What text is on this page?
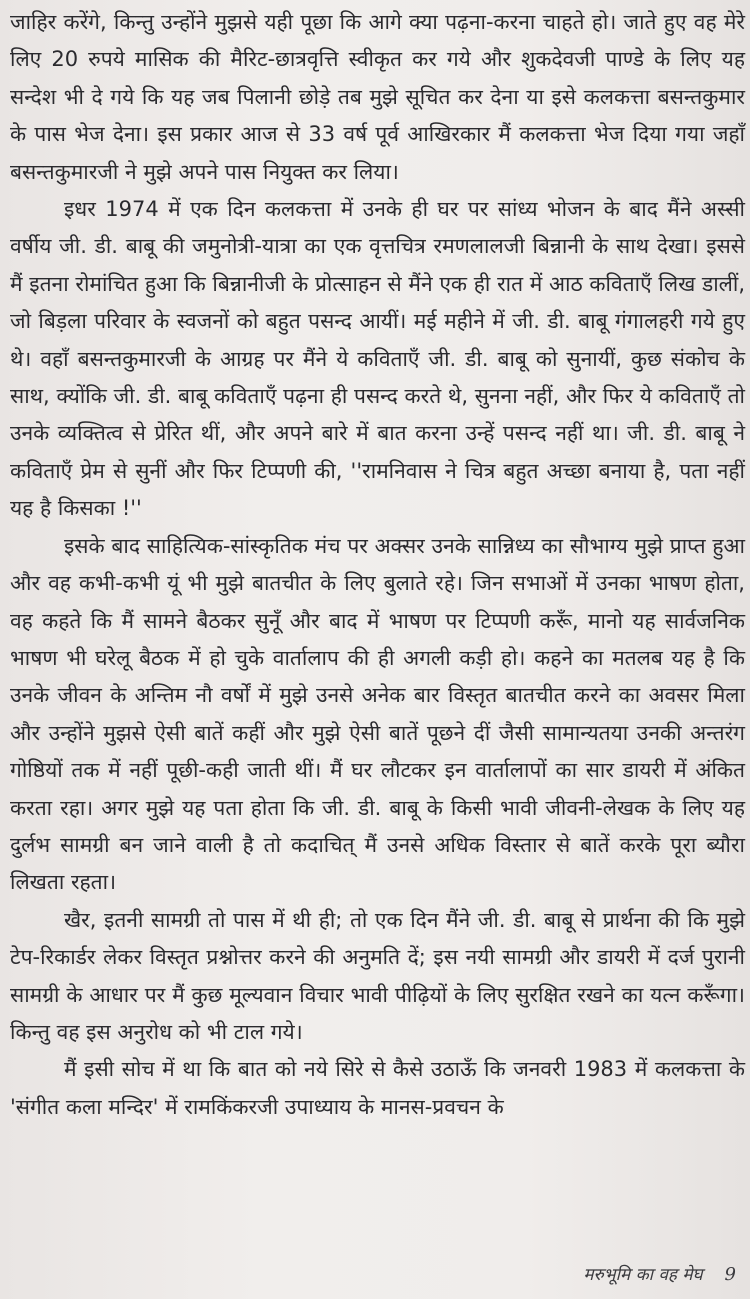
जाहिर करेंगे, किन्तु उन्होंने मुझसे यही पूछा कि आगे क्या पढ़ना-करना चाहते हो। जाते हुए वह मेरे लिए 20 रुपये मासिक की मैरिट-छात्रवृत्ति स्वीकृत कर गये और शुकदेवजी पाण्डे के लिए यह सन्देश भी दे गये कि यह जब पिलानी छोड़े तब मुझे सूचित कर देना या इसे कलकत्ता बसन्तकुमार के पास भेज देना। इस प्रकार आज से 33 वर्ष पूर्व आखिरकार मैं कलकत्ता भेज दिया गया जहाँ बसन्तकुमारजी ने मुझे अपने पास नियुक्त कर लिया।

इधर 1974 में एक दिन कलकत्ता में उनके ही घर पर सांध्य भोजन के बाद मैंने अस्सी वर्षीय जी. डी. बाबू की जमुनोत्री-यात्रा का एक वृत्तचित्र रमणलालजी बिन्नानी के साथ देखा। इससे मैं इतना रोमांचित हुआ कि बिन्नानीजी के प्रोत्साहन से मैंने एक ही रात में आठ कविताएँ लिख डालीं, जो बिड़ला परिवार के स्वजनों को बहुत पसन्द आयीं। मई महीने में जी. डी. बाबू गंगालहरी गये हुए थे। वहाँ बसन्तकुमारजी के आग्रह पर मैंने ये कविताएँ जी. डी. बाबू को सुनायीं, कुछ संकोच के साथ, क्योंकि जी. डी. बाबू कविताएँ पढ़ना ही पसन्द करते थे, सुनना नहीं, और फिर ये कविताएँ तो उनके व्यक्तित्व से प्रेरित थीं, और अपने बारे में बात करना उन्हें पसन्द नहीं था। जी. डी. बाबू ने कविताएँ प्रेम से सुनीं और फिर टिप्पणी की, ''रामनिवास ने चित्र बहुत अच्छा बनाया है, पता नहीं यह है किसका !''

इसके बाद साहित्यिक-सांस्कृतिक मंच पर अक्सर उनके सान्निध्य का सौभाग्य मुझे प्राप्त हुआ और वह कभी-कभी यूं भी मुझे बातचीत के लिए बुलाते रहे। जिन सभाओं में उनका भाषण होता, वह कहते कि मैं सामने बैठकर सुनूँ और बाद में भाषण पर टिप्पणी करूँ, मानो यह सार्वजनिक भाषण भी घरेलू बैठक में हो चुके वार्तालाप की ही अगली कड़ी हो। कहने का मतलब यह है कि उनके जीवन के अन्तिम नौ वर्षों में मुझे उनसे अनेक बार विस्तृत बातचीत करने का अवसर मिला और उन्होंने मुझसे ऐसी बातें कहीं और मुझे ऐसी बातें पूछने दीं जैसी सामान्यतया उनकी अन्तरंग गोष्ठियों तक में नहीं पूछी-कही जाती थीं। मैं घर लौटकर इन वार्तालापों का सार डायरी में अंकित करता रहा। अगर मुझे यह पता होता कि जी. डी. बाबू के किसी भावी जीवनी-लेखक के लिए यह दुर्लभ सामग्री बन जाने वाली है तो कदाचित् मैं उनसे अधिक विस्तार से बातें करके पूरा ब्यौरा लिखता रहता।

खैर, इतनी सामग्री तो पास में थी ही; तो एक दिन मैंने जी. डी. बाबू से प्रार्थना की कि मुझे टेप-रिकार्डर लेकर विस्तृत प्रश्नोत्तर करने की अनुमति दें; इस नयी सामग्री और डायरी में दर्ज पुरानी सामग्री के आधार पर मैं कुछ मूल्यवान विचार भावी पीढ़ियों के लिए सुरक्षित रखने का यत्न करूँगा। किन्तु वह इस अनुरोध को भी टाल गये।

मैं इसी सोच में था कि बात को नये सिरे से कैसे उठाऊँ कि जनवरी 1983 में कलकत्ता के 'संगीत कला मन्दिर' में रामकिंकरजी उपाध्याय के मानस-प्रवचन के

मरुभूमि का वह मेघ 9
